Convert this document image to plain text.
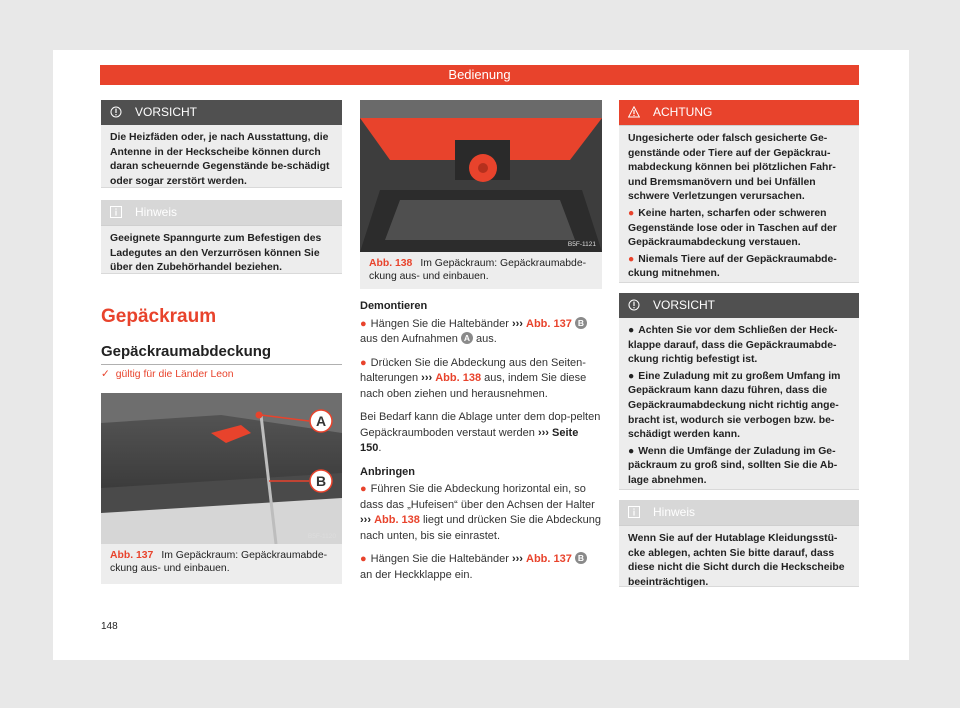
Bedienung
VORSICHT
Die Heizfäden oder, je nach Ausstattung, die Antenne in der Heckscheibe können durch daran scheuernde Gegenstände be-schädigt oder sogar zerstört werden.
Hinweis
Geeignete Spanngurte zum Befestigen des Ladegutes an den Verzurrösen können Sie über den Zubehörhandel beziehen.
Gepäckraum
Gepäckraumabdeckung
✓ gültig für die Länder Leon
A
B
B5F-1120
Abb. 137 Im Gepäckraum: Gepäckraumabde-ckung aus- und einbauen.
B5F-1121
Abb. 138 Im Gepäckraum: Gepäckraumabde-ckung aus- und einbauen.

Demontieren

● Hängen Sie die Haltebänder ››› Abb. 137 B
aus den Aufnahmen A aus.

● Drücken Sie die Abdeckung aus den Seiten-halterungen ››› Abb. 138 aus, indem Sie diese nach oben ziehen und herausnehmen.

Bei Bedarf kann die Ablage unter dem dop-pelten Gepäckraumboden verstaut werden ››› Seite 150.

Anbringen

● Führen Sie die Abdeckung horizontal ein, so dass das „Hufeisen“ über den Achsen der Halter ››› Abb. 138 liegt und drücken Sie die Abdeckung nach unten, bis sie einrastet.

● Hängen Sie die Haltebänder ››› Abb. 137 B
an der Heckklappe ein.

ACHTUNG

Ungesicherte oder falsch gesicherte Ge-genstände oder Tiere auf der Gepäckrau-mabdeckung können bei plötzlichen Fahr-und Bremsmanövern und bei Unfällen schwere Verletzungen verursachen.

● Keine harten, scharfen oder schweren Gegenstände lose oder in Taschen auf der Gepäckraumabdeckung verstauen.

● Niemals Tiere auf der Gepäckraumabde-ckung mitnehmen.

VORSICHT

● Achten Sie vor dem Schließen der Heck-klappe darauf, dass die Gepäckraumabde-ckung richtig befestigt ist.

● Eine Zuladung mit zu großem Umfang im Gepäckraum kann dazu führen, dass die Gepäckraumabdeckung nicht richtig ange-bracht ist, wodurch sie verbogen bzw. be-schädigt werden kann.

● Wenn die Umfänge der Zuladung im Ge-päckraum zu groß sind, sollten Sie die Ab-lage abnehmen.

Hinweis
Wenn Sie auf der Hutablage Kleidungsstü-cke ablegen, achten Sie bitte darauf, dass diese nicht die Sicht durch die Heckscheibe beeinträchtigen.
148
